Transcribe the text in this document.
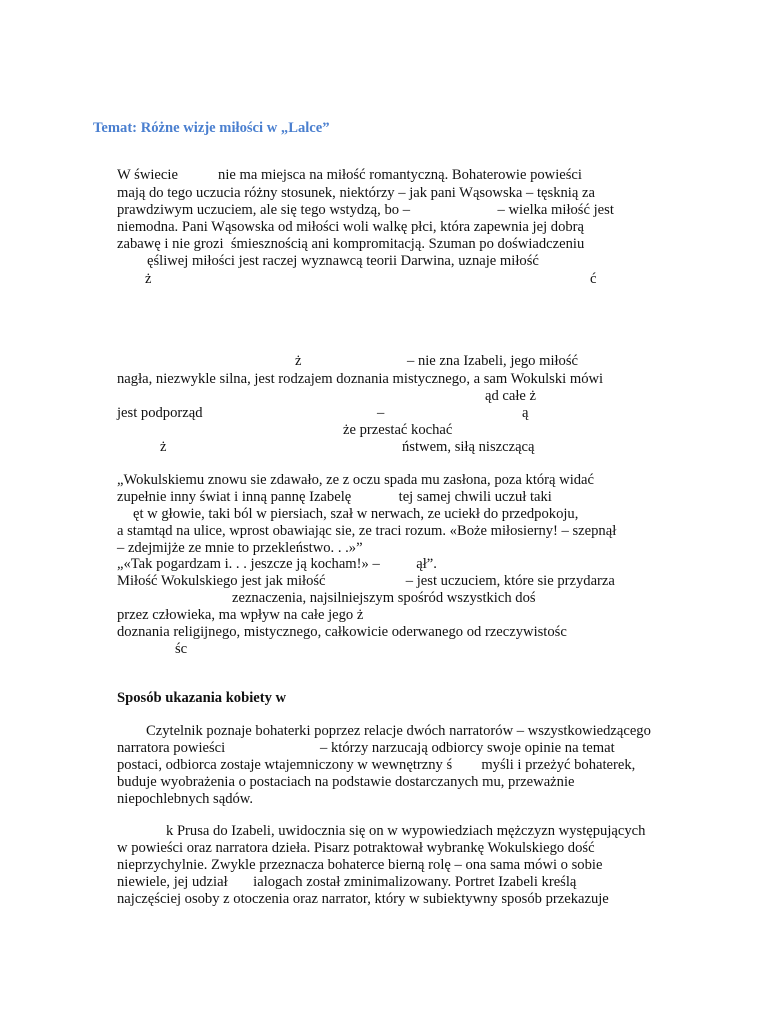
Temat: Różne wizje miłości w „Lalce”
W świecie           nie ma miejsca na miłość romantyczną. Bohaterowie powieści
mają do tego uczucia różny stosunek, niektórzy – jak pani Wąsowska – tęsknią za
prawdziwym uczuciem, ale się tego wstydzą, bo –                        – wielka miłość jest
niemodna. Pani Wąsowska od miłości woli walkę płci, która zapewnia jej dobrą
zabawę i nie grozi  śmiesznością ani kompromitacją. Szuman po doświadczeniu
ęśliwej miłości jest raczej wyznawcą teorii Darwina, uznaje miłość
ż	ć
ż	– nie zna Izabeli, jego miłość
nagła, niezwykle silna, jest rodzajem doznania mistycznego, a sam Wokulski mówi
ąd całe ż
jest podporząd	–	ą
że przestać kochać
ż	ństwem, siłą niszczącą
„Wokulskiemu znowu sie zdawało, ze z oczu spada mu zasłona, poza którą widać
zupełnie inny świat i inną pannę Izabelę             tej samej chwili uczuł taki
ęt w głowie, taki ból w piersiach, szał w nerwach, ze uciekł do przedpokoju,
a stamtąd na ulice, wprost obawiając sie, ze traci rozum. «Boże miłosierny! – szepnął
– zdejmijże ze mnie to przekleństwo. . .»”
„«Tak pogardzam i. . . jeszcze ją kocham!» –          ął”.
Miłość Wokulskiego jest jak miłość                      – jest uczuciem, które sie przydarza
zeznaczenia, najsilniejszym spośród wszystkich doś
przez człowieka, ma wpływ na całe jego ż
doznania religijnego, mistycznego, całkowicie oderwanego od rzeczywistośc
śc
Sposób ukazania kobiety w
Czytelnik poznaje bohaterki poprzez relacje dwóch narratorów – wszystkowiedzącego
narratora powieści                          – którzy narzucają odbiorcy swoje opinie na temat
postaci, odbiorca zostaje wtajemniczony w wewnętrzny ś        myśli i przeżyć bohaterek,
buduje wyobrażenia o postaciach na podstawie dostarczanych mu, przeważnie
niepochlebnych sądów.
k Prusa do Izabeli, uwidocznia się on w wypowiedziach mężczyzn występujących
w powieści oraz narratora dzieła. Pisarz potraktował wybrankę Wokulskiego dość
nieprzychylnie. Zwykle przeznacza bohaterce bierną rolę – ona sama mówi o sobie
niewiele, jej udział       ialogach został zminimalizowany. Portret Izabeli kreślą
najczęściej osoby z otoczenia oraz narrator, który w subiektywny sposób przekazuje
